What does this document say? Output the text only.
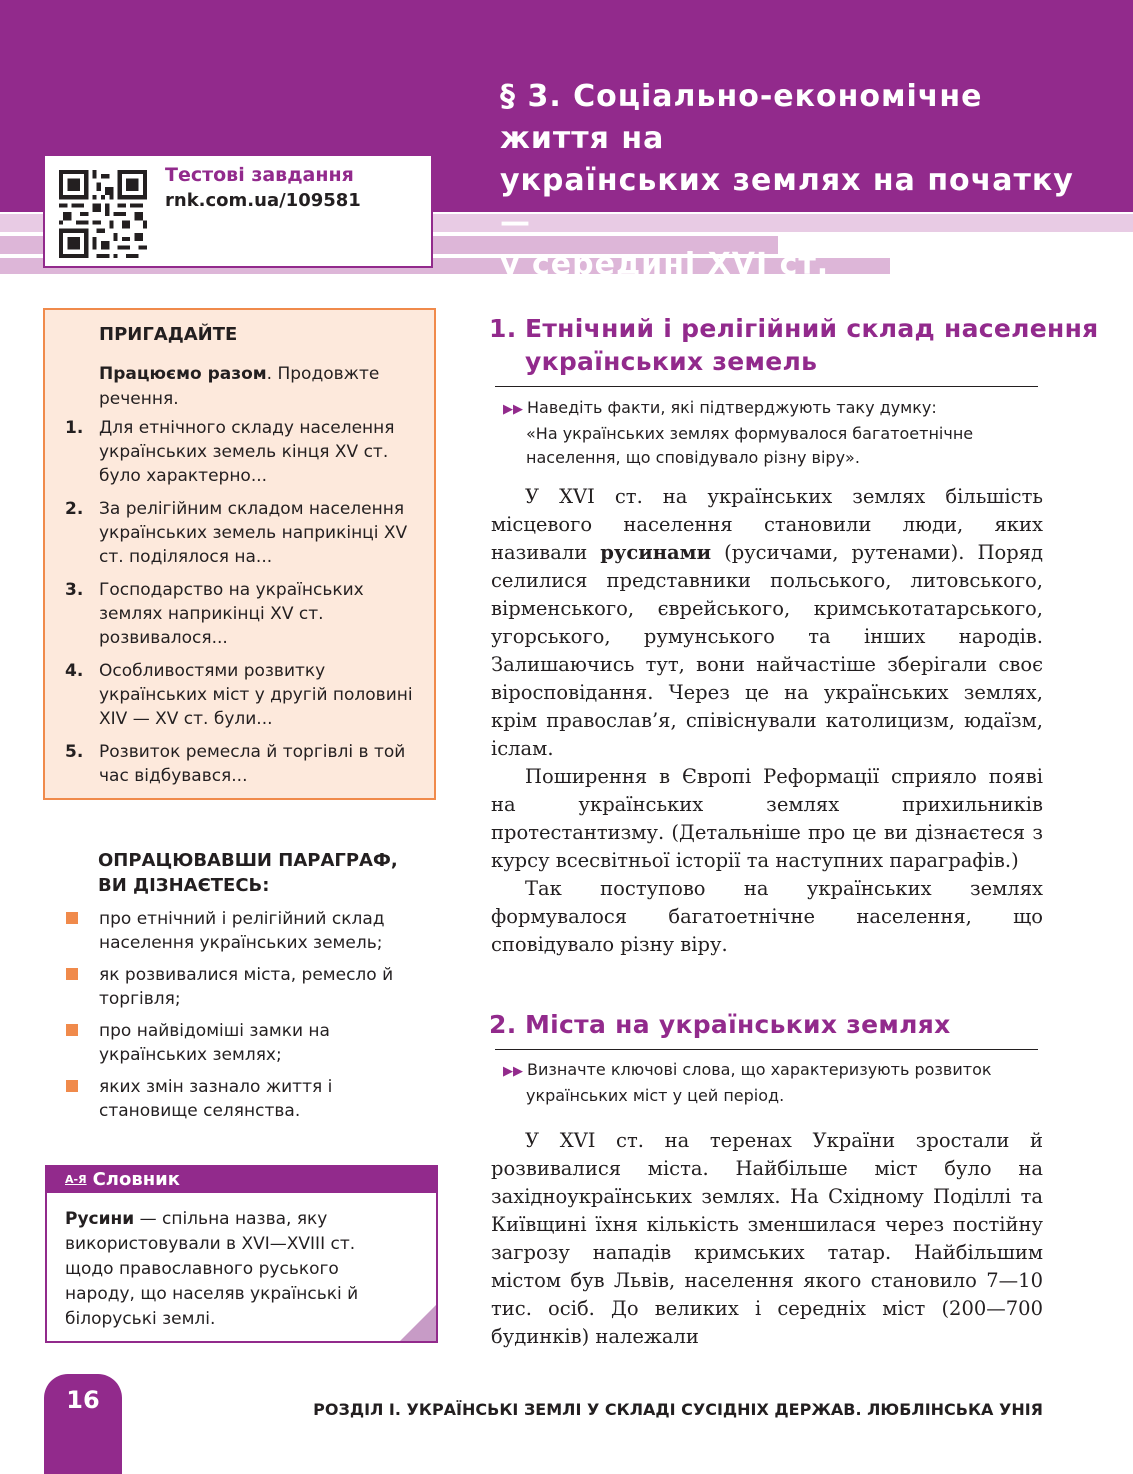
§ 3. Соціально-економічне життя на
українських землях на початку —
у середині XVI ст.
Тестові завдання
rnk.com.ua/109581
ПРИГАДАЙТЕ

Працюємо разом. Продовжте речення.

1. Для етнічного складу населення українських земель кінця XV ст. було характерно...
2. За релігійним складом населення українських земель наприкінці XV ст. поділялося на...
3. Господарство на українських землях наприкінці XV ст. розвивалося...
4. Особливостями розвитку українських міст у другій половині XIV — XV ст. були...
5. Розвиток ремесла й торгівлі в той час відбувався...
ОПРАЦЮВАВШИ ПАРАГРАФ,
ВИ ДІЗНАЄТЕСЬ:
про етнічний і релігійний склад населення українських земель;
як розвивалися міста, ремесло й торгівля;
про найвідоміші замки на українських землях;
яких змін зазнало життя і становище селянства.
А-Я Словник

Русини — спільна назва, яку використовували в XVI—XVIII ст. щодо православного руського народу, що населяв українські й білоруські землі.

1. Етнічний і релігійний склад населення
українських земель
▶▶ Наведіть факти, які підтверджують таку думку:
«На українських землях формувалося багатоетнічне населення, що сповідувало різну віру».

У XVI ст. на українських землях більшість місцевого населення становили люди, яких називали русинами (русичами, рутенами). Поряд селилися представники польського, литовського, вірменського, єврейського, кримськотатарського, угорського, румунського та інших народів. Залишаючись тут, вони найчастіше зберігали своє віросповідання. Через це на українських землях, крім православ’я, співіснували католицизм, юдаїзм, іслам.

Поширення в Європі Реформації сприяло появі на українських землях прихильників протестантизму. (Детальніше про це ви дізнаєтеся з курсу всесвітньої історії та наступних параграфів.)

Так поступово на українських землях формувалося багатоетнічне населення, що сповідувало різну віру.

2. Міста на українських землях
▶▶ Визначте ключові слова, що характеризують розвиток
українських міст у цей період.

У XVI ст. на теренах України зростали й розвивалися міста. Найбільше міст було на західноукраїнських землях. На Східному Поділлі та Київщині їхня кількість зменшилася через постійну загрозу нападів кримських татар. Найбільшим містом був Львів, населення якого становило 7—10 тис. осіб. До великих і середніх міст (200—700 будинків) належали

16	РОЗДІЛ І. УКРАЇНСЬКІ ЗЕМЛІ У СКЛАДІ СУСІДНІХ ДЕРЖАВ. ЛЮБЛІНСЬКА УНІЯ
